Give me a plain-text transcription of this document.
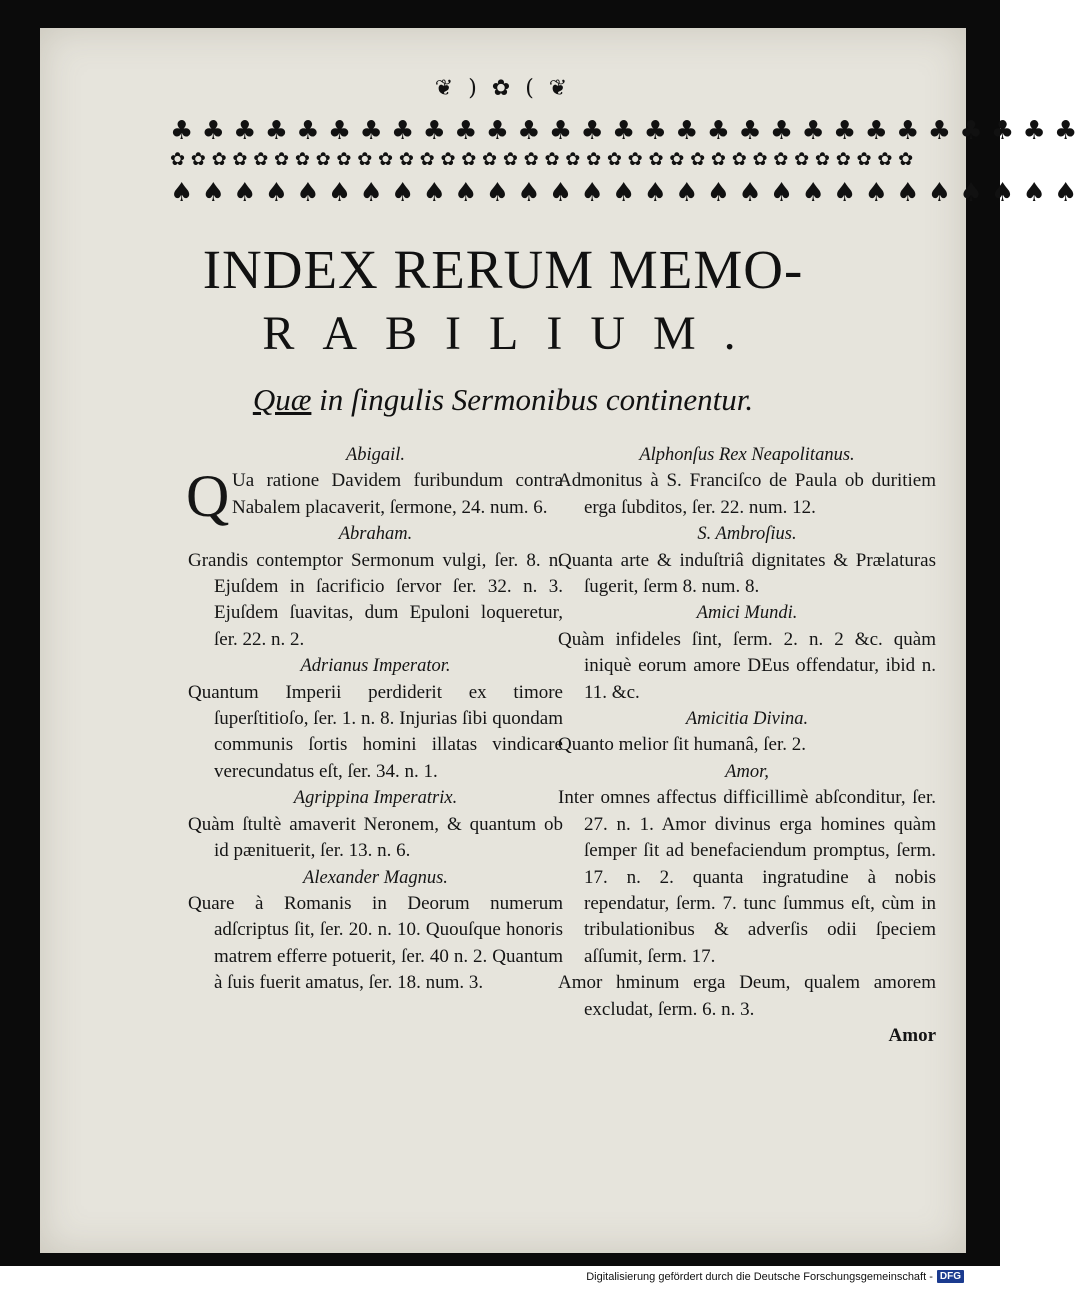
❦ ) ✿ ( ❦
♣ ♣ ♣ ♣ ♣ ♣ ♣ ♣ ♣ ♣ ♣ ♣ ♣ ♣ ♣ ♣ ♣ ♣ ♣ ♣ ♣ ♣ ♣ ♣ ♣ ♣ ♣ ♣ ♣
✿ ✿ ✿ ✿ ✿ ✿ ✿ ✿ ✿ ✿ ✿ ✿ ✿ ✿ ✿ ✿ ✿ ✿ ✿ ✿ ✿ ✿ ✿ ✿ ✿ ✿ ✿ ✿ ✿ ✿ ✿ ✿ ✿ ✿ ✿ ✿
♠ ♠ ♠ ♠ ♠ ♠ ♠ ♠ ♠ ♠ ♠ ♠ ♠ ♠ ♠ ♠ ♠ ♠ ♠ ♠ ♠ ♠ ♠ ♠ ♠ ♠ ♠ ♠ ♠
INDEX RERUM MEMO-
RABILIUM.
Quæ in ſingulis Sermonibus continentur.
Abigail.
Q Ua ratione Davidem furibundum contra Nabalem placaverit, ſermone, 24. num. 6.
Abraham.
Grandis contemptor Sermonum vulgi, ſer. 8. n. Ejuſdem in ſacrificio ſervor ſer. 32. n. 3. Ejuſdem ſuavitas, dum Epuloni loqueretur, ſer. 22. n. 2.
Adrianus Imperator.
Quantum Imperii perdiderit ex timore ſuperſtitioſo, ſer. 1. n. 8. Injurias ſibi quondam communis ſortis homini illatas vindicare verecundatus eſt, ſer. 34. n. 1.
Agrippina Imperatrix.
Quàm ſtultè amaverit Neronem, & quantum ob id pænituerit, ſer. 13. n. 6.
Alexander Magnus.
Quare à Romanis in Deorum numerum adſcriptus ſit, ſer. 20. n. 10. Quouſque honoris matrem efferre potuerit, ſer. 40 n. 2. Quantum à ſuis fuerit amatus, ſer. 18. num. 3.
Alphonſus Rex Neapolitanus.
Admonitus à S. Franciſco de Paula ob duritiem erga ſubditos, ſer. 22. num. 12.
S. Ambroſius.
Quanta arte & induſtriâ dignitates & Prælaturas ſugerit, ſerm 8. num. 8.
Amici Mundi.
Quàm infideles ſint, ſerm. 2. n. 2 &c. quàm iniquè eorum amore DEus offendatur, ibid n. 11. &c.
Amicitia Divina.
Quanto melior ſit humanâ, ſer. 2.
Amor,
Inter omnes affectus difficillimè abſconditur, ſer. 27. n. 1. Amor divinus erga homines quàm ſemper ſit ad benefaciendum promptus, ſerm. 17. n. 2. quanta ingratudine à nobis rependatur, ſerm. 7. tunc ſummus eſt, cùm in tribulationibus & adverſis odii ſpeciem aſſumit, ſerm. 17.
Amor hminum erga Deum, qualem amorem excludat, ſerm. 6. n. 3.
Amor
Digitalisierung gefördert durch die Deutsche Forschungsgemeinschaft - DFG
